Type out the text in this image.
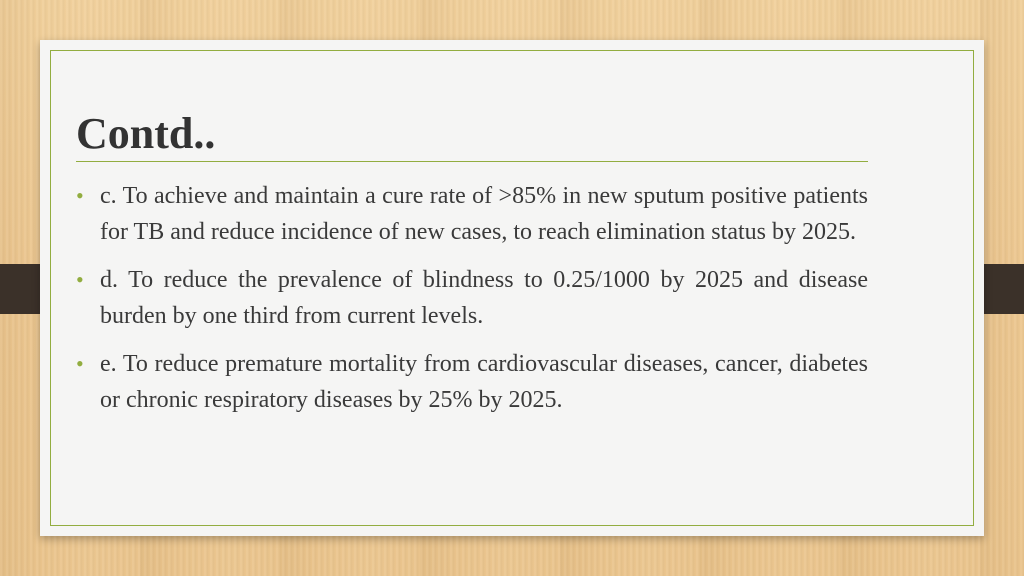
Contd..
• c. To achieve and maintain a cure rate of >85% in new sputum positive patients for TB and reduce incidence of new cases, to reach elimination status by 2025.
• d. To reduce the prevalence of blindness to 0.25/1000 by 2025 and disease burden by one third from current levels.
• e. To reduce premature mortality from cardiovascular diseases, cancer, diabetes or chronic respiratory diseases by 25% by 2025.
